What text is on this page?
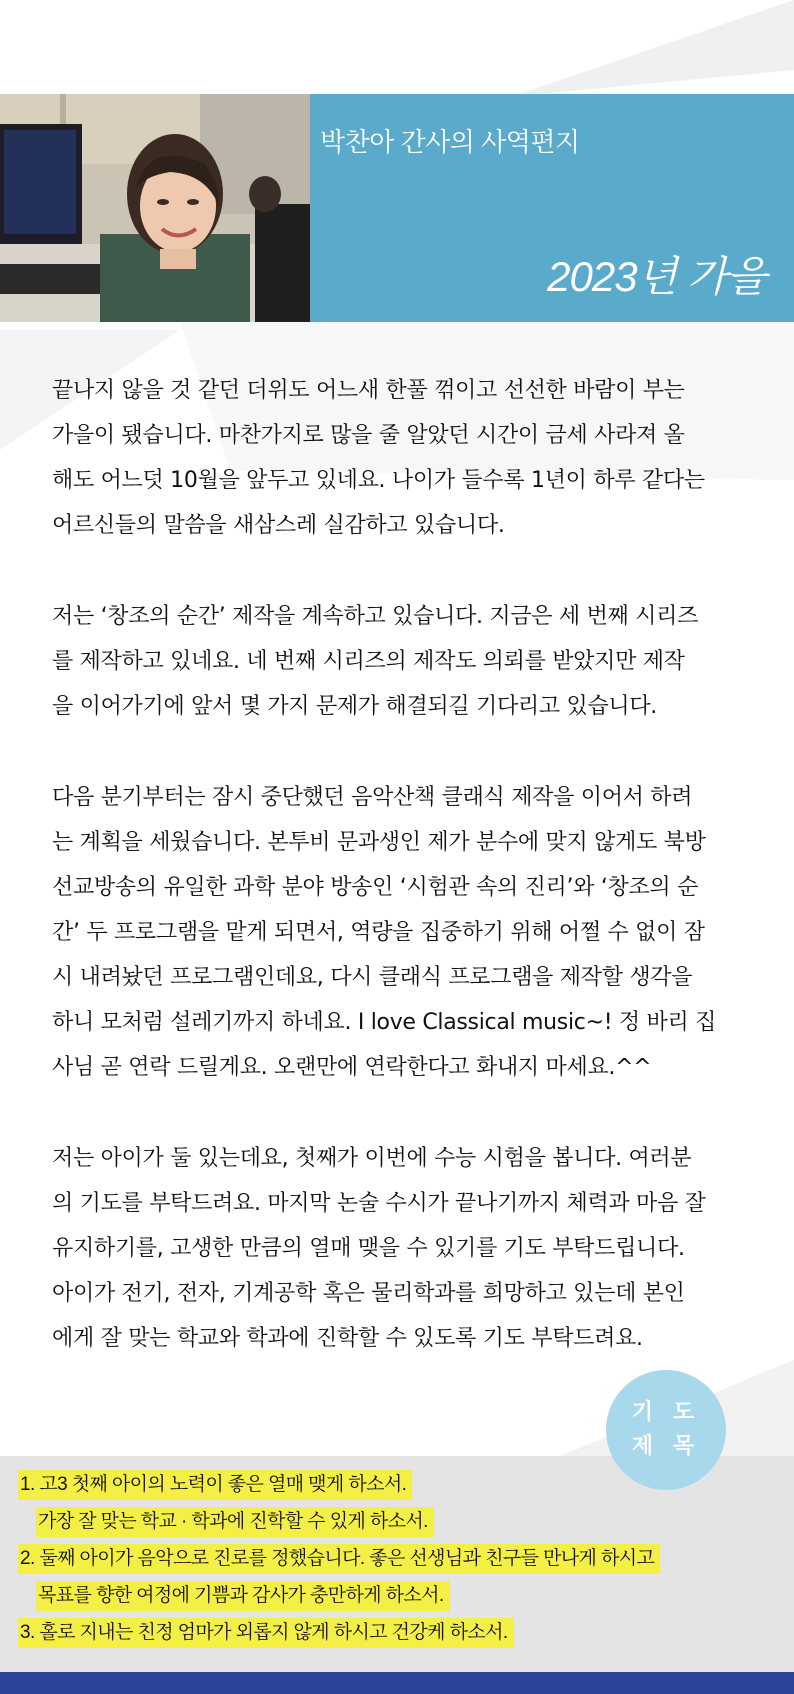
박찬아 간사의 사역편지
2023년 가을

끝나지 않을 것 같던 더위도 어느새 한풀 꺾이고 선선한 바람이 부는
가을이 됐습니다. 마찬가지로 많을 줄 알았던 시간이 금세 사라져 올
해도 어느덧 10월을 앞두고 있네요. 나이가 들수록 1년이 하루 같다는
어르신들의 말씀을 새삼스레 실감하고 있습니다.

저는 ‘창조의 순간’ 제작을 계속하고 있습니다. 지금은 세 번째 시리즈
를 제작하고 있네요. 네 번째 시리즈의 제작도 의뢰를 받았지만 제작
을 이어가기에 앞서 몇 가지 문제가 해결되길 기다리고 있습니다.

다음 분기부터는 잠시 중단했던 음악산책 클래식 제작을 이어서 하려
는 계획을 세웠습니다. 본투비 문과생인 제가 분수에 맞지 않게도 북방
선교방송의 유일한 과학 분야 방송인 ‘시험관 속의 진리’와 ‘창조의 순
간’ 두 프로그램을 맡게 되면서, 역량을 집중하기 위해 어쩔 수 없이 잠
시 내려놨던 프로그램인데요, 다시 클래식 프로그램을 제작할 생각을
하니 모처럼 설레기까지 하네요. I love Classical music~! 정 바리 집
사님 곧 연락 드릴게요. 오랜만에 연락한다고 화내지 마세요.^^

저는 아이가 둘 있는데요, 첫째가 이번에 수능 시험을 봅니다. 여러분
의 기도를 부탁드려요. 마지막 논술 수시가 끝나기까지 체력과 마음 잘
유지하기를, 고생한 만큼의 열매 맺을 수 있기를 기도 부탁드립니다.
아이가 전기, 전자, 기계공학 혹은 물리학과를 희망하고 있는데 본인
에게 잘 맞는 학교와 학과에 진학할 수 있도록 기도 부탁드려요.

기 도
제 목
1. 고3 첫째 아이의 노력이 좋은 열매 맺게 하소서.
가장 잘 맞는 학교 · 학과에 진학할 수 있게 하소서.
2. 둘째 아이가 음악으로 진로를 정했습니다. 좋은 선생님과 친구들 만나게 하시고
목표를 향한 여정에 기쁨과 감사가 충만하게 하소서.
3. 홀로 지내는 친정 엄마가 외롭지 않게 하시고 건강케 하소서.
